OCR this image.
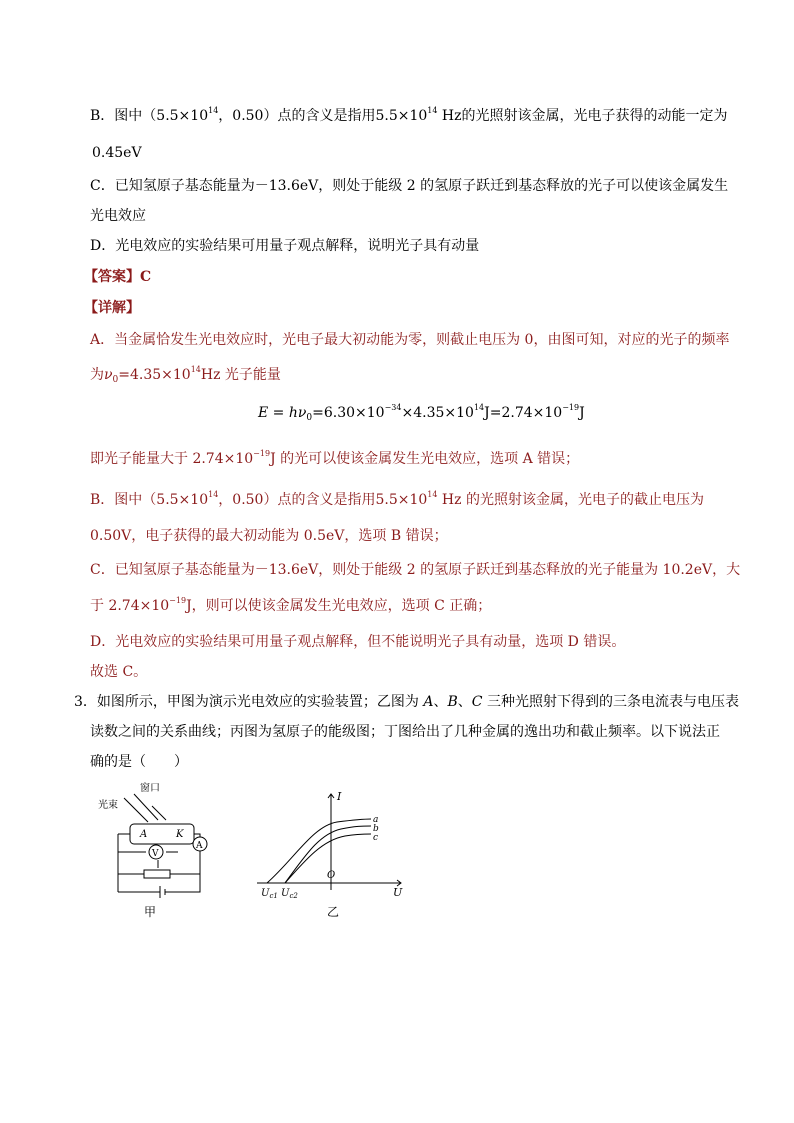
B．图中（$5.5\times 10^{14}$，0.50）点的含义是指用$5.5\times 10^{14}$ Hz的光照射该金属，光电子获得的动能一定为
0.45eV
C．已知氢原子基态能量为－13.6eV，则处于能级 2 的氢原子跃迁到基态释放的光子可以使该金属发生
光电效应
D．光电效应的实验结果可用量子观点解释，说明光子具有动量
【答案】C
【详解】
A．当金属恰发生光电效应时，光电子最大初动能为零，则截止电压为 0，由图可知，对应的光子的频率
为$\nu_0=4.35\times 10^{14}Hz$ 光子能量
$E = h\nu_0=6.30\times 10^{-34}\times 4.35\times 10^{14}J=2.74\times 10^{-19}J$
即光子能量大于 $2.74\times 10^{-19}J$ 的光可以使该金属发生光电效应，选项 A 错误；
B．图中（$5.5\times 10^{14}$，0.50）点的含义是指用$5.5\times 10^{14}$ Hz 的光照射该金属，光电子的截止电压为
0.50V，电子获得的最大初动能为 0.5eV，选项 B 错误；
C．已知氢原子基态能量为－13.6eV，则处于能级 2 的氢原子跃迁到基态释放的光子能量为 10.2eV，大
于 $2.74\times 10^{-19}J$，则可以使该金属发生光电效应，选项 C 正确；
D．光电效应的实验结果可用量子观点解释，但不能说明光子具有动量，选项 D 错误。
故选 C。
3．如图所示，甲图为演示光电效应的实验装置；乙图为 A、B、C 三种光照射下得到的三条电流表与电压表
读数之间的关系曲线；丙图为氢原子的能级图；丁图给出了几种金属的逸出功和截止频率。以下说法正
确的是（　　）
窗口
光束
A	K
V
A
甲
I
U
O
a
b
c
$U_{c1}$ $U_{c2}$
乙
